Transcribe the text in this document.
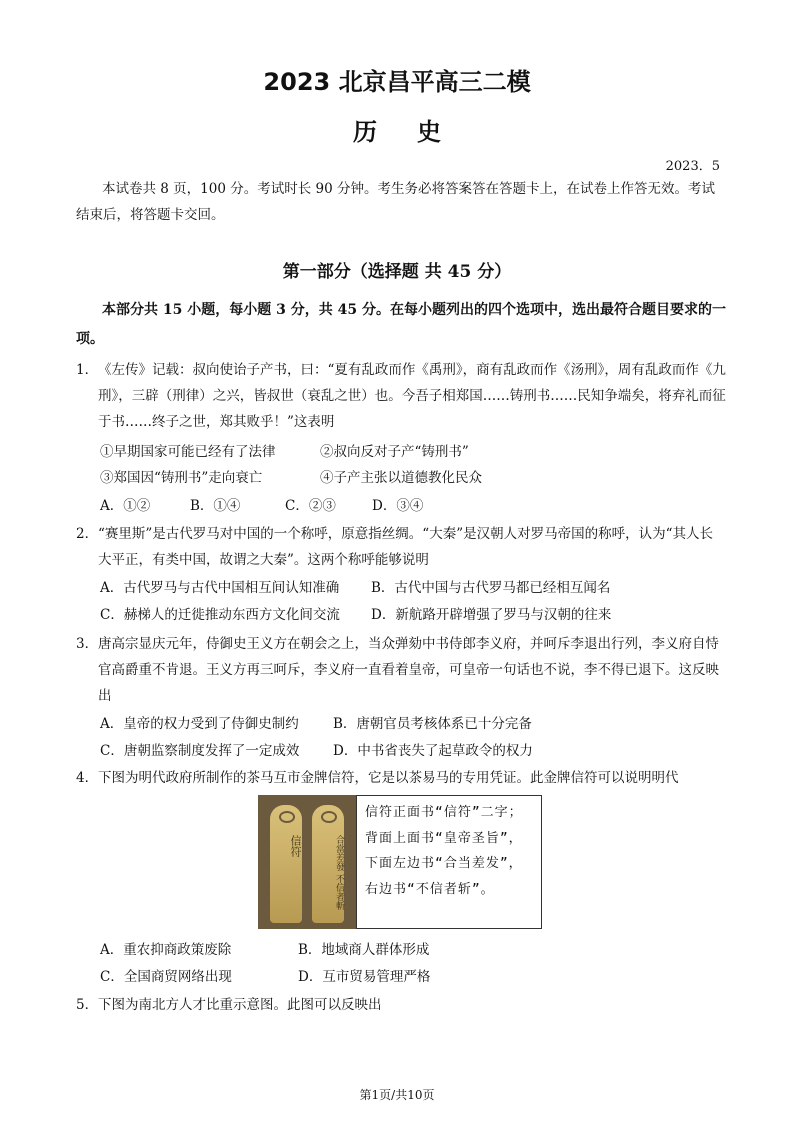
2023 北京昌平高三二模
历史
2023．5
本试卷共 8 页，100 分。考试时长 90 分钟。考生务必将答案答在答题卡上，在试卷上作答无效。考试结束后，将答题卡交回。
第一部分（选择题 共 45 分）
本部分共 15 小题，每小题 3 分，共 45 分。在每小题列出的四个选项中，选出最符合题目要求的一项。
1． 《左传》记载：叔向使诒子产书，曰：“夏有乱政而作《禹刑》，商有乱政而作《汤刑》，周有乱政而作《九刑》，三辟（刑律）之兴，皆叔世（衰乱之世）也。今吾子相郑国……铸刑书……民知争端矣，将弃礼而征于书……终子之世，郑其败乎！”这表明
①早期国家可能已经有了法律	②叔向反对子产“铸刑书”
③郑国因“铸刑书”走向衰亡	④子产主张以道德教化民众
A．①②	B．①④	C．②③	D．③④
2． “赛里斯”是古代罗马对中国的一个称呼，原意指丝绸。“大秦”是汉朝人对罗马帝国的称呼，认为“其人长大平正，有类中国，故谓之大秦”。这两个称呼能够说明
A．古代罗马与古代中国相互间认知准确 B．古代中国与古代罗马都已经相互闻名
C．赫梯人的迁徙推动东西方文化间交流 D．新航路开辟增强了罗马与汉朝的往来
3． 唐高宗显庆元年，侍御史王义方在朝会之上，当众弹劾中书侍郎李义府，并呵斥李退出行列，李义府自恃官高爵重不肯退。王义方再三呵斥，李义府一直看着皇帝，可皇帝一句话也不说，李不得已退下。这反映出
A．皇帝的权力受到了侍御史制约	B．唐朝官员考核体系已十分完备
C．唐朝监察制度发挥了一定成效 D．中书省丧失了起草政令的权力
4． 下图为明代政府所制作的茶马互市金牌信符，它是以茶易马的专用凭证。此金牌信符可以说明明代
信符	合當差發 不信者斬
信符正面书“信符”二字；背面上面书“皇帝圣旨”，下面左边书“合当差发”，右边书“不信者斩”。
A．重农抑商政策废除	B．地域商人群体形成
C．全国商贸网络出现	D．互市贸易管理严格
5． 下图为南北方人才比重示意图。此图可以反映出
第1页/共10页
